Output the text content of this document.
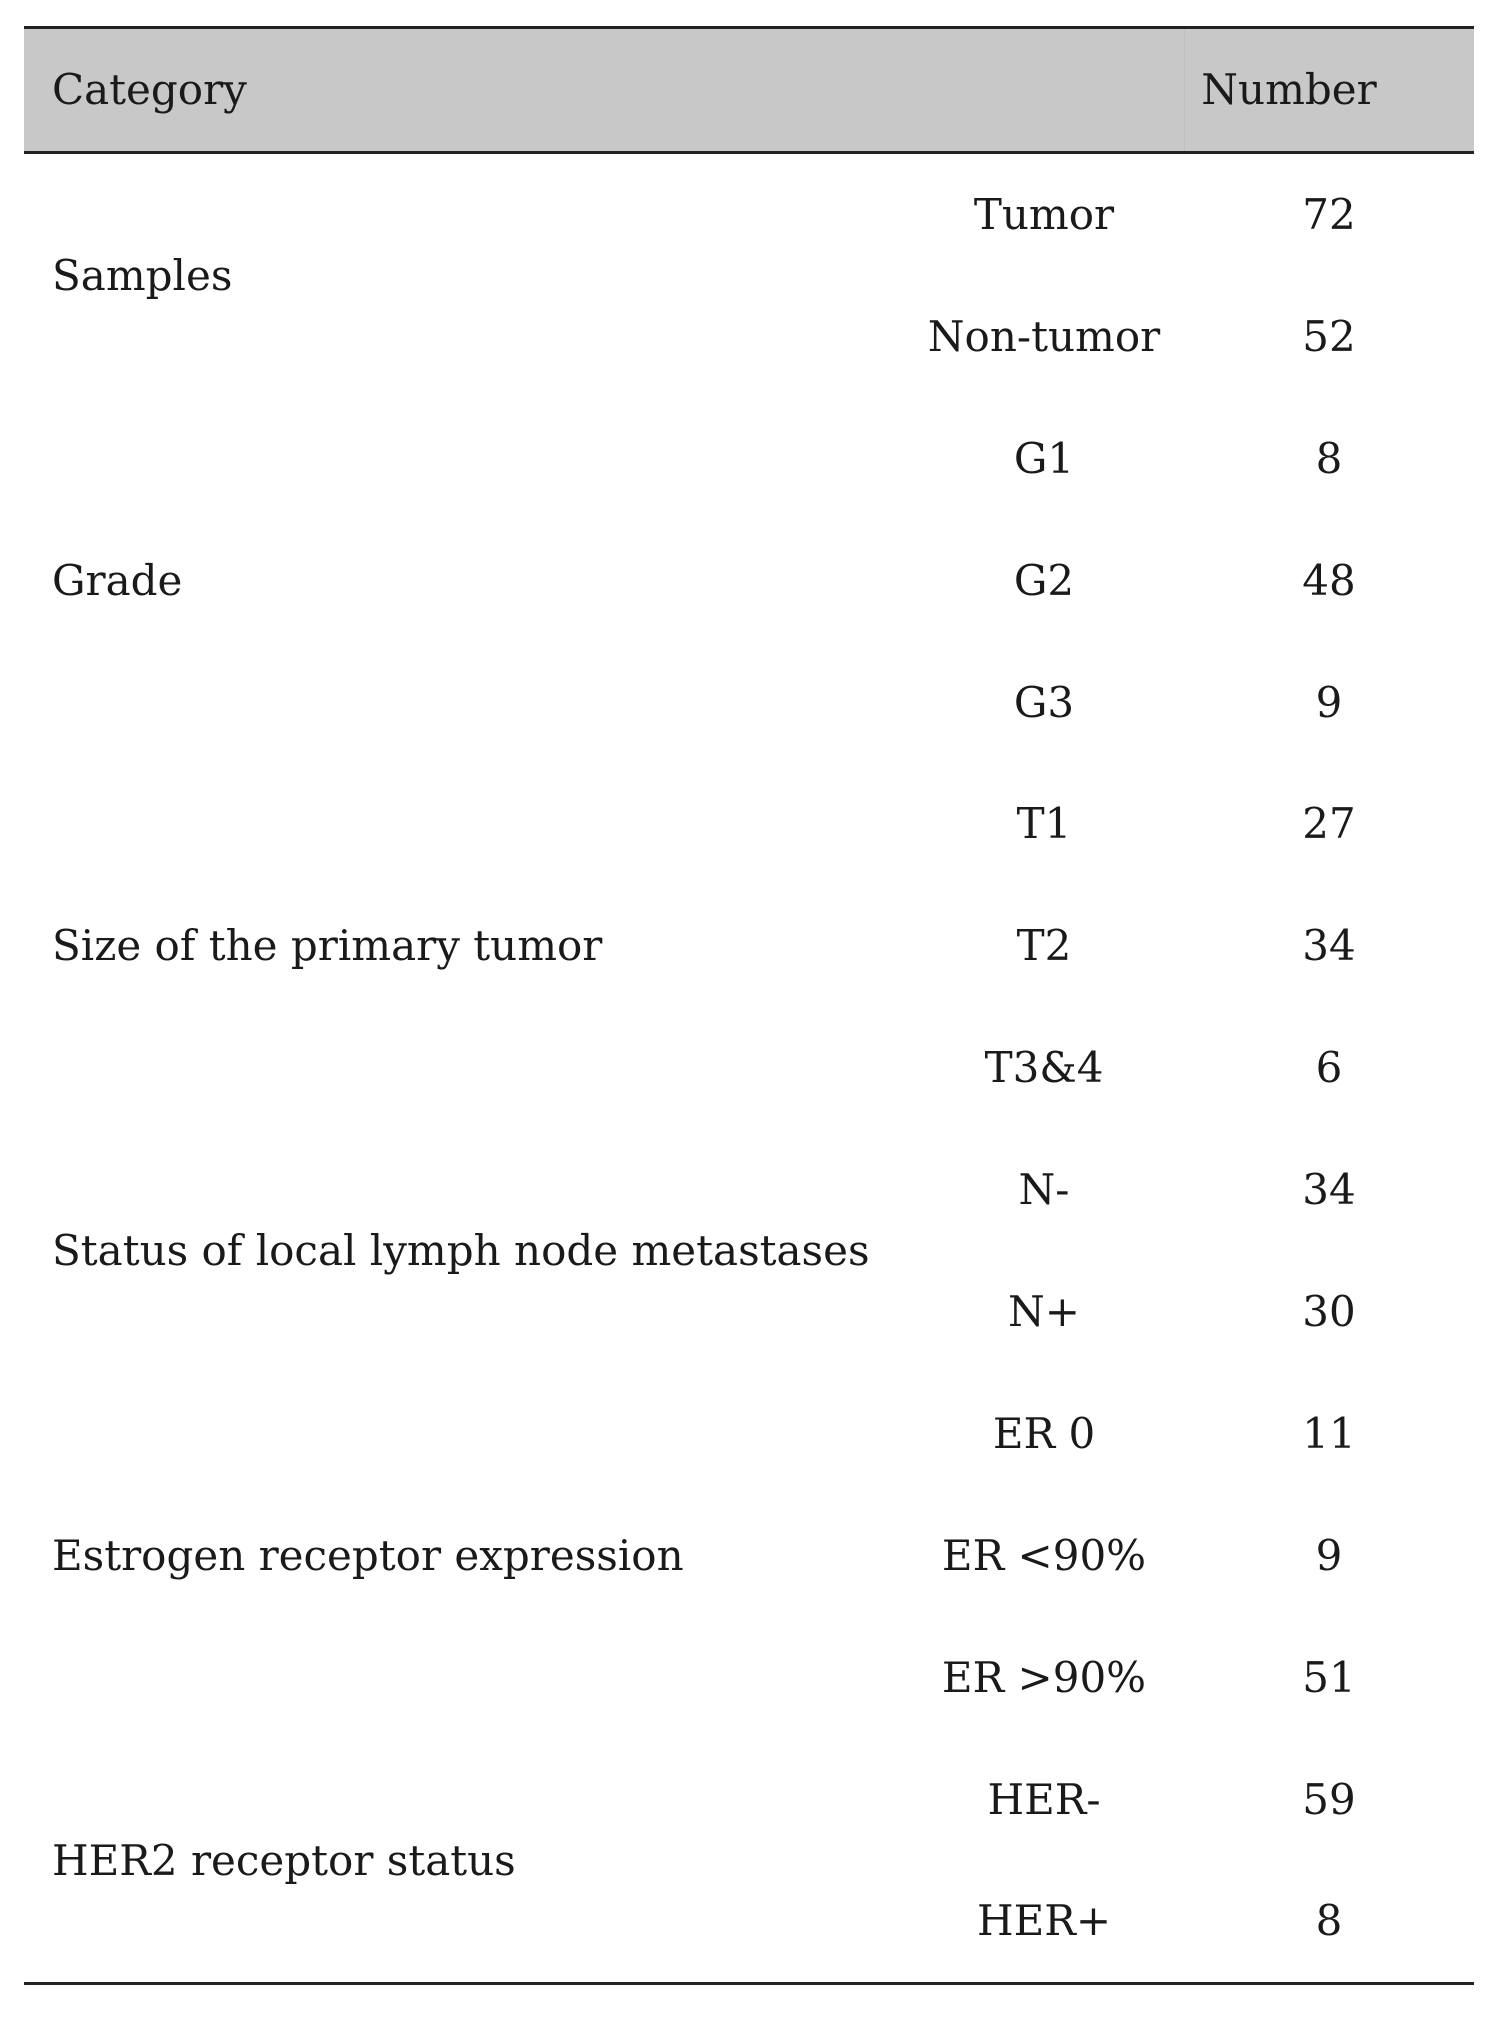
Category	Number
Samples
Tumor	72
Non-tumor	52
Grade
G1	8
G2	48
G3	9
Size of the primary tumor
T1	27
T2	34
T3&4	6
Status of local lymph node metastases
N-	34
N+	30
Estrogen receptor expression
ER 0	11
ER <90%	9
ER >90%	51
HER2 receptor status
HER-	59
HER+	8
